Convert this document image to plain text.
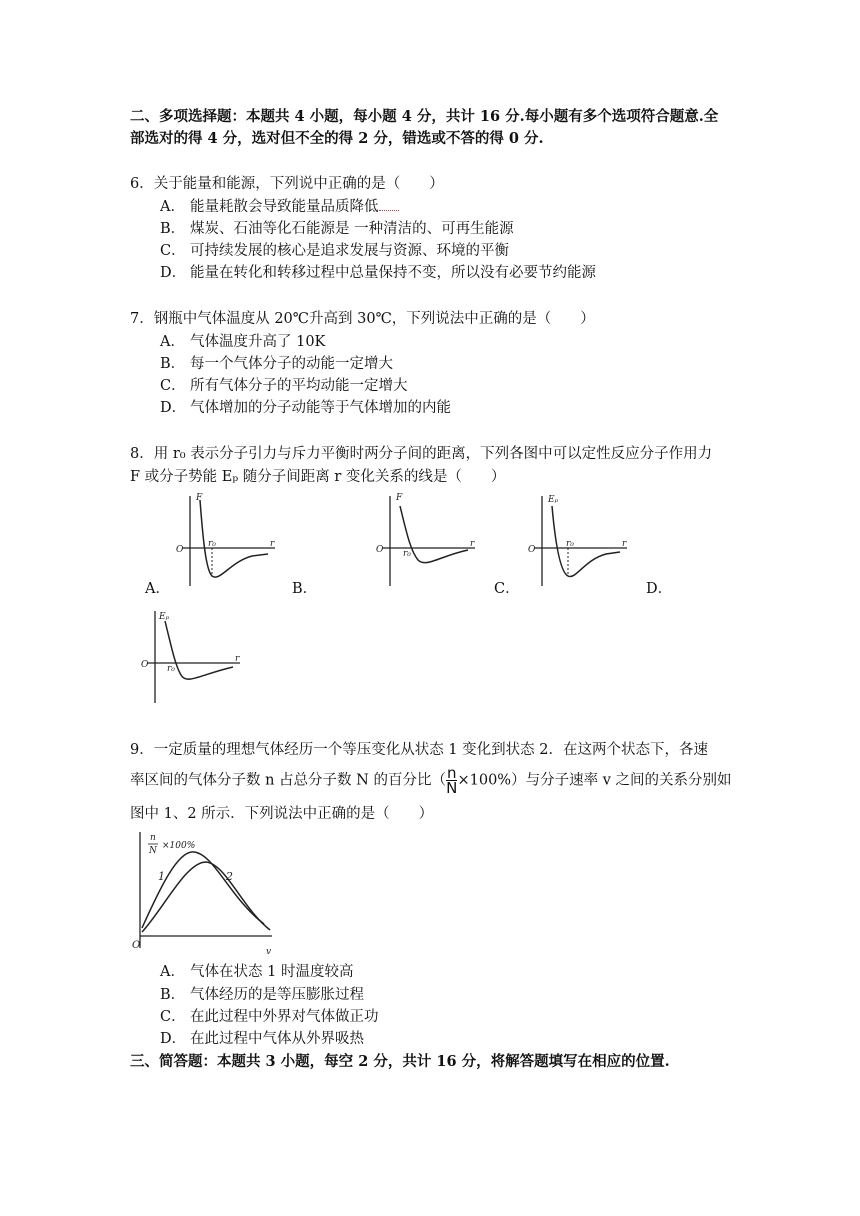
二、多项选择题：本题共 4 小题，每小题 4 分，共计 16 分.每小题有多个选项符合题意.全
部选对的得 4 分，选对但不全的得 2 分，错选或不答的得 0 分.
6．关于能量和能源，下列说中正确的是（　　）
A． 能量耗散会导致能量品质降低
B． 煤炭、石油等化石能源是 一种清洁的、可再生能源
C． 可持续发展的核心是追求发展与资源、环境的平衡
D． 能量在转化和转移过程中总量保持不变，所以没有必要节约能源
7．钢瓶中气体温度从 20℃升高到 30℃，下列说法中正确的是（　　）
A． 气体温度升高了 10K
B． 每一个气体分子的动能一定增大
C． 所有气体分子的平均动能一定增大
D． 气体增加的分子动能等于气体增加的内能
8．用 r₀ 表示分子引力与斥力平衡时两分子间的距离，下列各图中可以定性反应分子作用力
F 或分子势能 Eₚ 随分子间距离 r 变化关系的线是（　　）
F
O
r₀	r
A．
F
O r₀
r
B．
Eₚ
O
r₀	r
C．	D．
Eₚ
O r₀
r
9．一定质量的理想气体经历一个等压变化从状态 1 变化到状态 2．在这两个状态下，各速
率区间的气体分子数 n 占总分子数 N 的百分比（ $\frac{n}{N} \times 100\%$）与分子速率 v 之间的关系分别如
图中 1、2 所示．下列说法中正确的是（　　）
n
N ×100%
1	2
O
v
A． 气体在状态 1 时温度较高
B． 气体经历的是等压膨胀过程
C． 在此过程中外界对气体做正功
D． 在此过程中气体从外界吸热
三、简答题：本题共 3 小题，每空 2 分，共计 16 分，将解答题填写在相应的位置.
